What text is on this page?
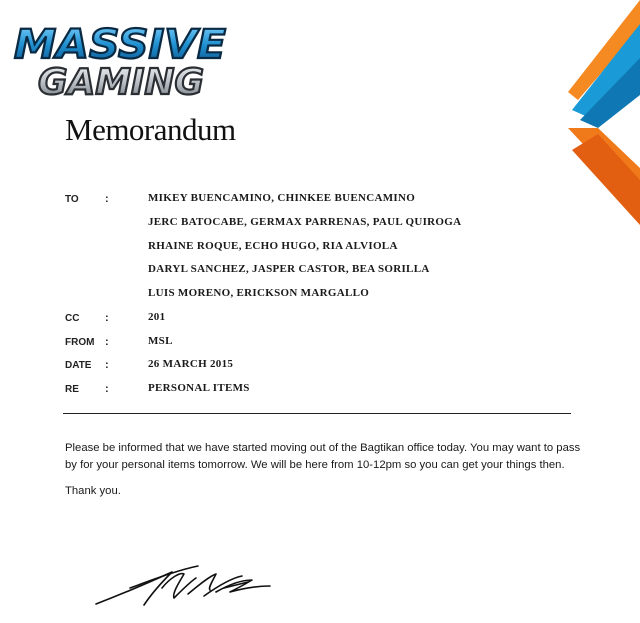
MASSIVE
GAMING
Memorandum
TO :
CC :
FROM :
DATE :
RE :
MIKEY BUENCAMINO, CHINKEE BUENCAMINO
JERC BATOCABE, GERMAX PARRENAS, PAUL QUIROGA
RHAINE ROQUE, ECHO HUGO, RIA ALVIOLA
DARYL SANCHEZ, JASPER CASTOR, BEA SORILLA
LUIS MORENO, ERICKSON MARGALLO
201
MSL
26 MARCH 2015
PERSONAL ITEMS

Please be informed that we have started moving out of the Bagtikan office today. You may want to pass by for your personal items tomorrow. We will be here from 10-12pm so you can get your things then.

Thank you.
